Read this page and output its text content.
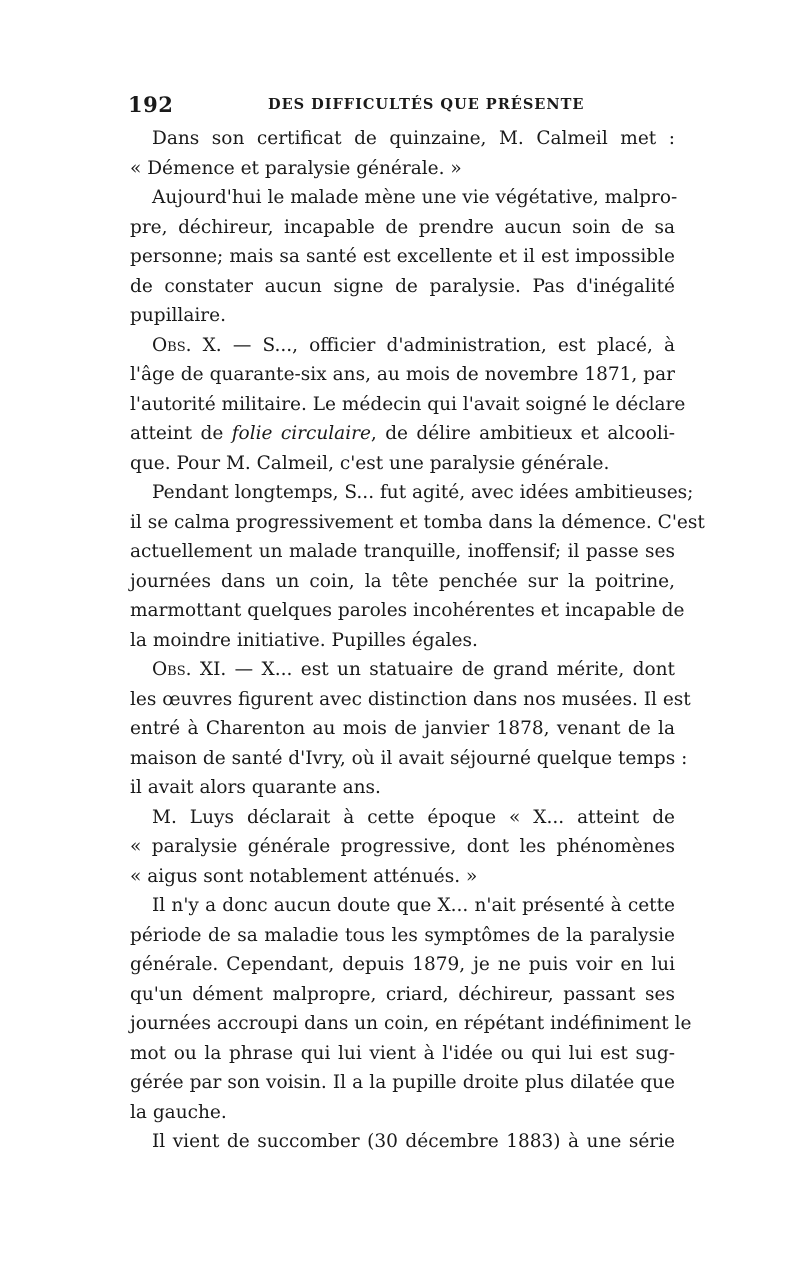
192	DES DIFFICULTÉS QUE PRÉSENTE
Dans son certificat de quinzaine, M. Calmeil met :
« Démence et paralysie générale. »
Aujourd'hui le malade mène une vie végétative, malpro-
pre, déchireur, incapable de prendre aucun soin de sa
personne; mais sa santé est excellente et il est impossible
de constater aucun signe de paralysie. Pas d'inégalité
pupillaire.
Obs. X. — S..., officier d'administration, est placé, à
l'âge de quarante-six ans, au mois de novembre 1871, par
l'autorité militaire. Le médecin qui l'avait soigné le déclare
atteint de folie circulaire, de délire ambitieux et alcooli-
que. Pour M. Calmeil, c'est une paralysie générale.
Pendant longtemps, S... fut agité, avec idées ambitieuses;
il se calma progressivement et tomba dans la démence. C'est
actuellement un malade tranquille, inoffensif; il passe ses
journées dans un coin, la tête penchée sur la poitrine,
marmottant quelques paroles incohérentes et incapable de
la moindre initiative. Pupilles égales.
Obs. XI. — X... est un statuaire de grand mérite, dont
les œuvres figurent avec distinction dans nos musées. Il est
entré à Charenton au mois de janvier 1878, venant de la
maison de santé d'Ivry, où il avait séjourné quelque temps :
il avait alors quarante ans.
M. Luys déclarait à cette époque « X... atteint de
« paralysie générale progressive, dont les phénomènes
« aigus sont notablement atténués. »
Il n'y a donc aucun doute que X... n'ait présenté à cette
période de sa maladie tous les symptômes de la paralysie
générale. Cependant, depuis 1879, je ne puis voir en lui
qu'un dément malpropre, criard, déchireur, passant ses
journées accroupi dans un coin, en répétant indéfiniment le
mot ou la phrase qui lui vient à l'idée ou qui lui est sug-
gérée par son voisin. Il a la pupille droite plus dilatée que
la gauche.
Il vient de succomber (30 décembre 1883) à une série
